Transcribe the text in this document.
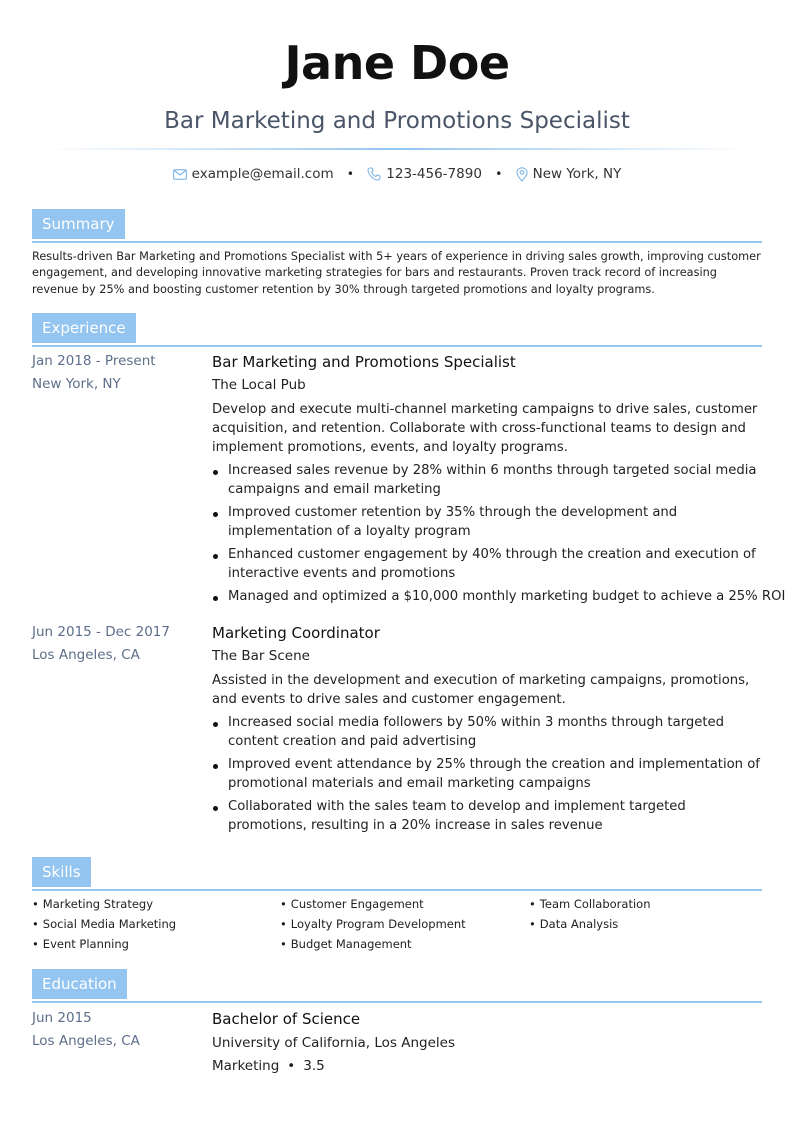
Jane Doe
Bar Marketing and Promotions Specialist
example@email.com • 123-456-7890 • New York, NY
Summary
Results-driven Bar Marketing and Promotions Specialist with 5+ years of experience in driving sales growth, improving customer engagement, and developing innovative marketing strategies for bars and restaurants. Proven track record of increasing revenue by 25% and boosting customer retention by 30% through targeted promotions and loyalty programs.
Experience
Jan 2018 - Present
New York, NY
Bar Marketing and Promotions Specialist
The Local Pub
Develop and execute multi-channel marketing campaigns to drive sales, customer acquisition, and retention. Collaborate with cross-functional teams to design and implement promotions, events, and loyalty programs.
Increased sales revenue by 28% within 6 months through targeted social media campaigns and email marketing
Improved customer retention by 35% through the development and implementation of a loyalty program
Enhanced customer engagement by 40% through the creation and execution of interactive events and promotions
Managed and optimized a $10,000 monthly marketing budget to achieve a 25% ROI
Jun 2015 - Dec 2017
Los Angeles, CA
Marketing Coordinator
The Bar Scene
Assisted in the development and execution of marketing campaigns, promotions, and events to drive sales and customer engagement.
Increased social media followers by 50% within 3 months through targeted content creation and paid advertising
Improved event attendance by 25% through the creation and implementation of promotional materials and email marketing campaigns
Collaborated with the sales team to develop and implement targeted promotions, resulting in a 20% increase in sales revenue
Skills
• Marketing Strategy
• Social Media Marketing
• Event Planning
• Customer Engagement
• Loyalty Program Development
• Budget Management
• Team Collaboration
• Data Analysis
Education
Jun 2015
Los Angeles, CA
Bachelor of Science
University of California, Los Angeles
Marketing • 3.5
